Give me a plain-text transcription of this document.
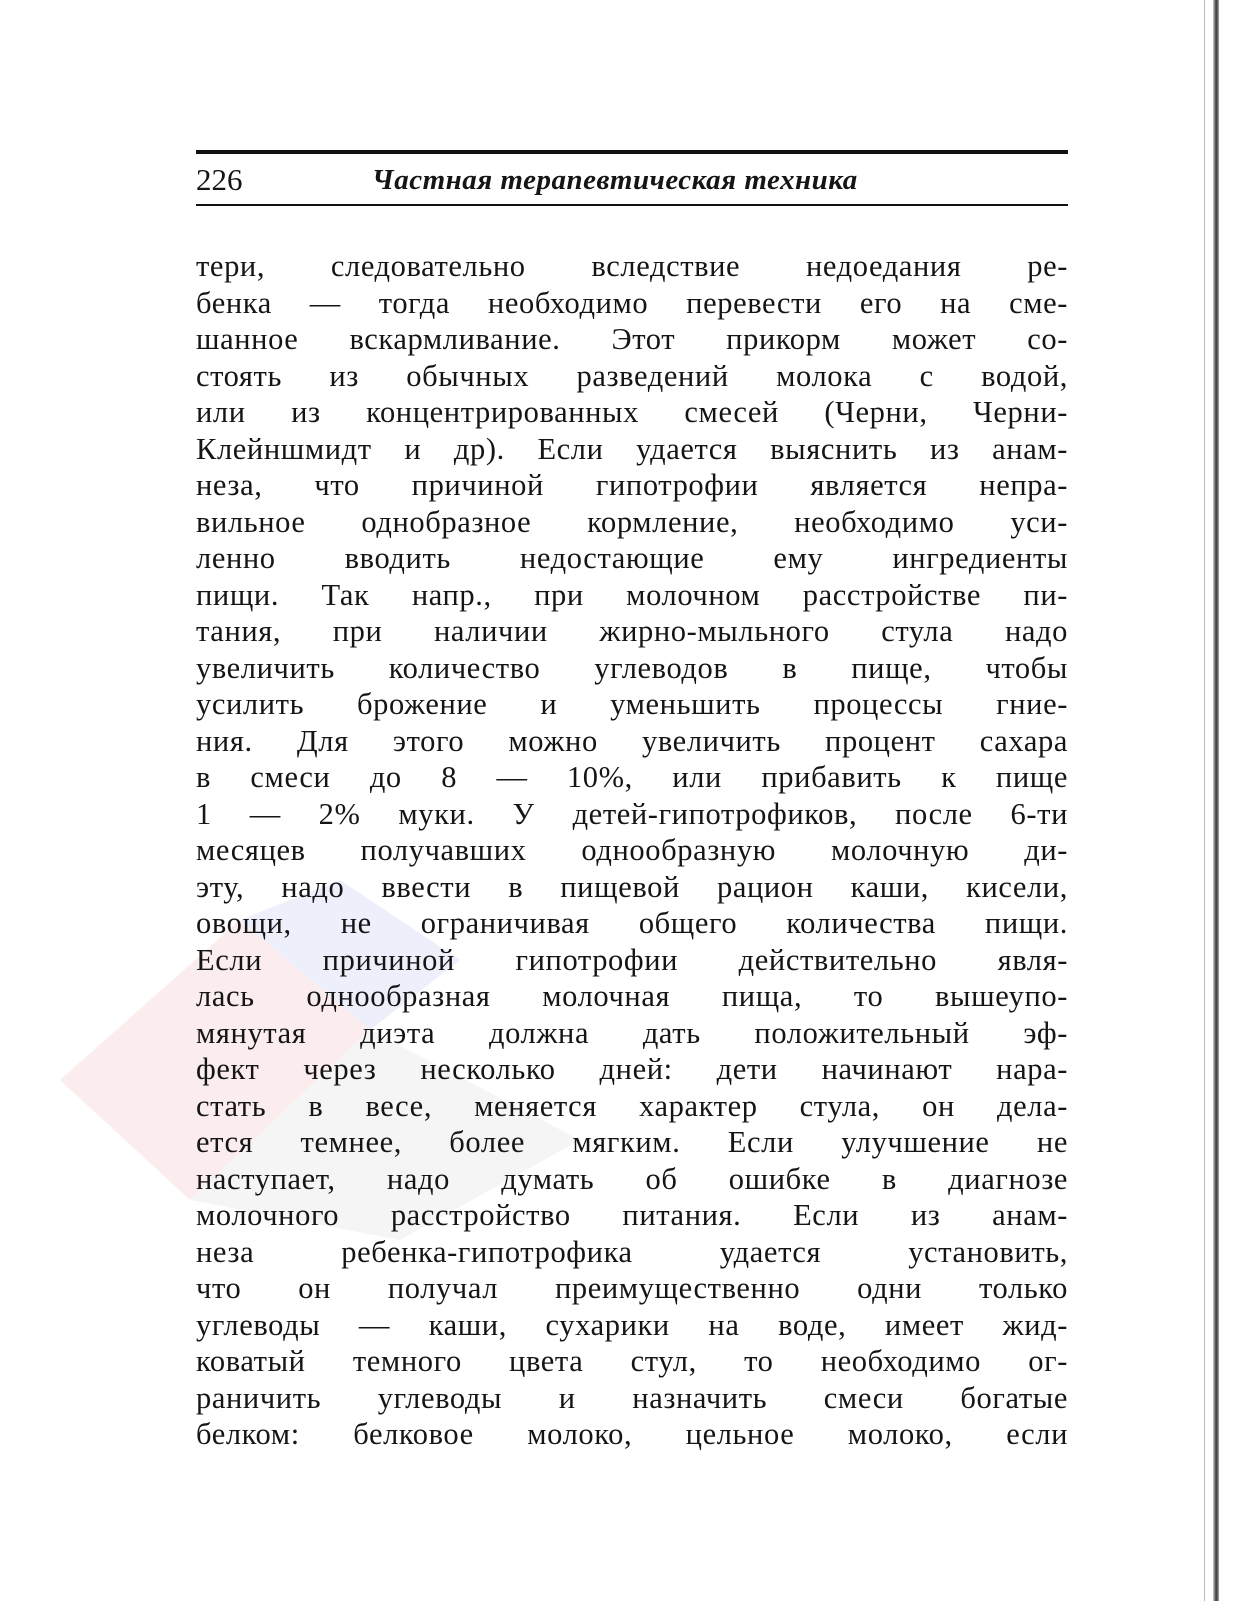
226	Частная терапевтическая техника
тери, следовательно вследствие недоедания ре-
бенка — тогда необходимо перевести его на сме-
шанное вскармливание. Этот прикорм может со-
стоять из обычных разведений молока с водой,
или из концентрированных смесей (Черни, Черни-
Клейншмидт и др). Если удается выяснить из анам-
неза, что причиной гипотрофии является непра-
вильное однобразное кормление, необходимо уси-
ленно вводить недостающие ему ингредиенты
пищи. Так напр., при молочном расстройстве пи-
тания, при наличии жирно-мыльного стула надо
увеличить количество углеводов в пище, чтобы
усилить брожение и уменьшить процессы гние-
ния. Для этого можно увеличить процент сахара
в смеси до 8 — 10%, или прибавить к пище
1 — 2% муки. У детей-гипотрофиков, после 6-ти
месяцев получавших однообразную молочную ди-
эту, надо ввести в пищевой рацион каши, кисели,
овощи, не ограничивая общего количества пищи.
Если причиной гипотрофии действительно явля-
лась однообразная молочная пища, то вышеупо-
мянутая диэта должна дать положительный эф-
фект через несколько дней: дети начинают нара-
стать в весе, меняется характер стула, он дела-
ется темнее, более мягким. Если улучшение не
наступает, надо думать об ошибке в диагнозе
молочного расстройство питания. Если из анам-
неза ребенка-гипотрофика удается установить,
что он получал преимущественно одни только
углеводы — каши, сухарики на воде, имеет жид-
коватый темного цвета стул, то необходимо ог-
раничить углеводы и назначить смеси богатые
белком: белковое молоко, цельное молоко, если
